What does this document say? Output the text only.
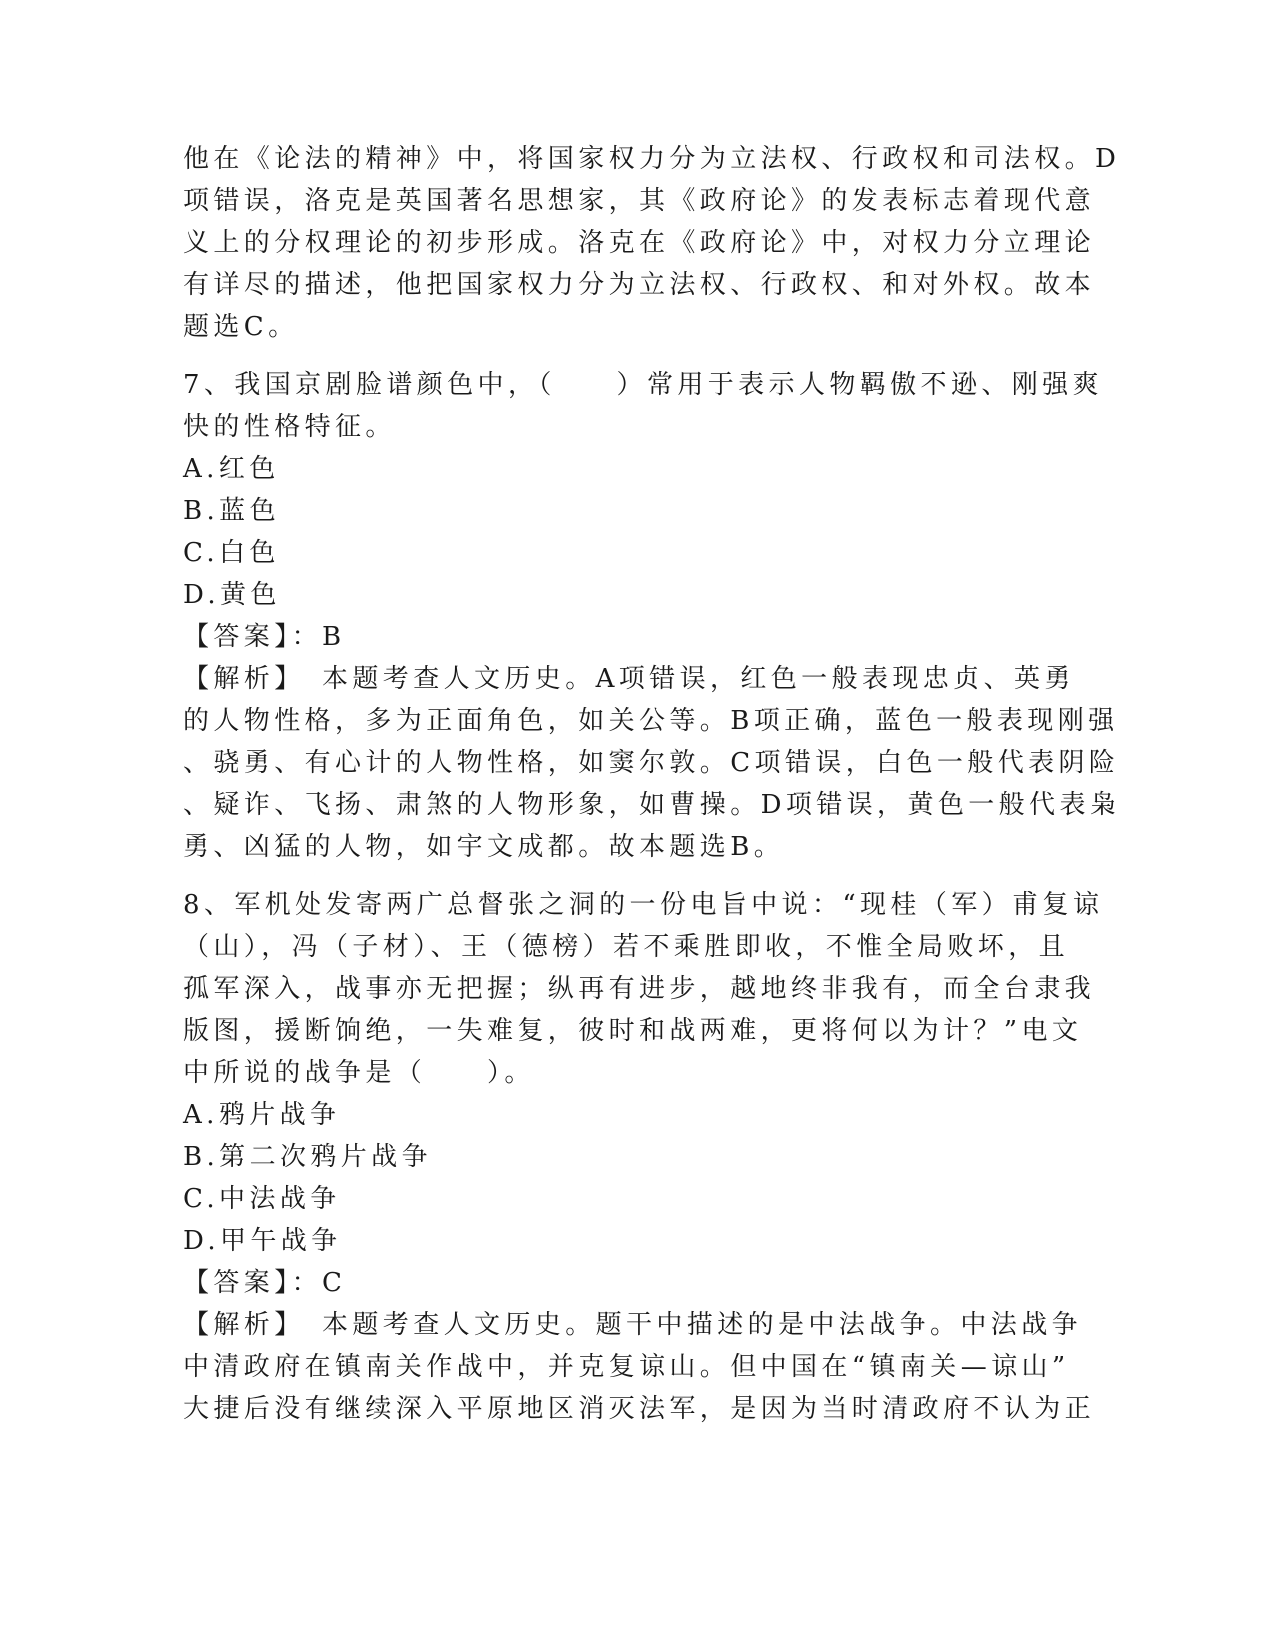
他在《论法的精神》中，将国家权力分为立法权、行政权和司法权。D
项错误，洛克是英国著名思想家，其《政府论》的发表标志着现代意
义上的分权理论的初步形成。洛克在《政府论》中，对权力分立理论
有详尽的描述，他把国家权力分为立法权、行政权、和对外权。故本
题选C。
7、我国京剧脸谱颜色中，（　　）常用于表示人物羁傲不逊、刚强爽
快的性格特征。
A.红色
B.蓝色
C.白色
D.黄色
【答案】：B
【解析】　本题考查人文历史。A项错误，红色一般表现忠贞、英勇
的人物性格，多为正面角色，如关公等。B项正确，蓝色一般表现刚强
、骁勇、有心计的人物性格，如窦尔敦。C项错误，白色一般代表阴险
、疑诈、飞扬、肃煞的人物形象，如曹操。D项错误，黄色一般代表枭
勇、凶猛的人物，如宇文成都。故本题选B。
8、军机处发寄两广总督张之洞的一份电旨中说：“现桂（军）甫复谅
（山），冯（子材）、王（德榜）若不乘胜即收，不惟全局败坏，且
孤军深入，战事亦无把握；纵再有进步，越地终非我有，而全台隶我
版图，援断饷绝，一失难复，彼时和战两难，更将何以为计？”电文
中所说的战争是（　　）。
A.鸦片战争
B.第二次鸦片战争
C.中法战争
D.甲午战争
【答案】：C
【解析】　本题考查人文历史。题干中描述的是中法战争。中法战争
中清政府在镇南关作战中，并克复谅山。但中国在“镇南关—谅山”
大捷后没有继续深入平原地区消灭法军，是因为当时清政府不认为正
